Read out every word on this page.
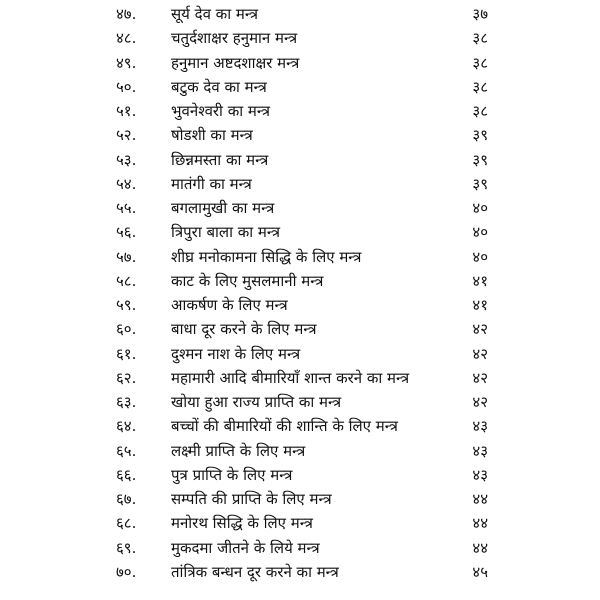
४७. सूर्य देव का मन्त्र	३७
४८. चतुर्दशाक्षर हनुमान मन्त्र	३८
४९. हनुमान अष्टदशाक्षर मन्त्र	३८
५०. बटुक देव का मन्त्र	३८
५१. भुवनेश्वरी का मन्त्र	३८
५२. षोडशी का मन्त्र	३९
५३. छिन्नमस्ता का मन्त्र	३९
५४. मातंगी का मन्त्र	३९
५५. बगलामुखी का मन्त्र	४०
५६. त्रिपुरा बाला का मन्त्र	४०
५७. शीघ्र मनोकामना सिद्धि के लिए मन्त्र	४०
५८. काट के लिए मुसलमानी मन्त्र	४१
५९. आकर्षण के लिए मन्त्र	४१
६०. बाधा दूर करने के लिए मन्त्र	४२
६१. दुश्मन नाश के लिए मन्त्र	४२
६२. महामारी आदि बीमारियाँ शान्त करने का मन्त्र	४२
६३. खोया हुआ राज्य प्राप्ति का मन्त्र	४२
६४. बच्चों की बीमारियों की शान्ति के लिए मन्त्र	४३
६५. लक्ष्मी प्राप्ति के लिए मन्त्र	४३
६६. पुत्र प्राप्ति के लिए मन्त्र	४३
६७. सम्पति की प्राप्ति के लिए मन्त्र	४४
६८. मनोरथ सिद्धि के लिए मन्त्र	४४
६९. मुकदमा जीतने के लिये मन्त्र	४४
७०. तांत्रिक बन्धन दूर करने का मन्त्र	४५
